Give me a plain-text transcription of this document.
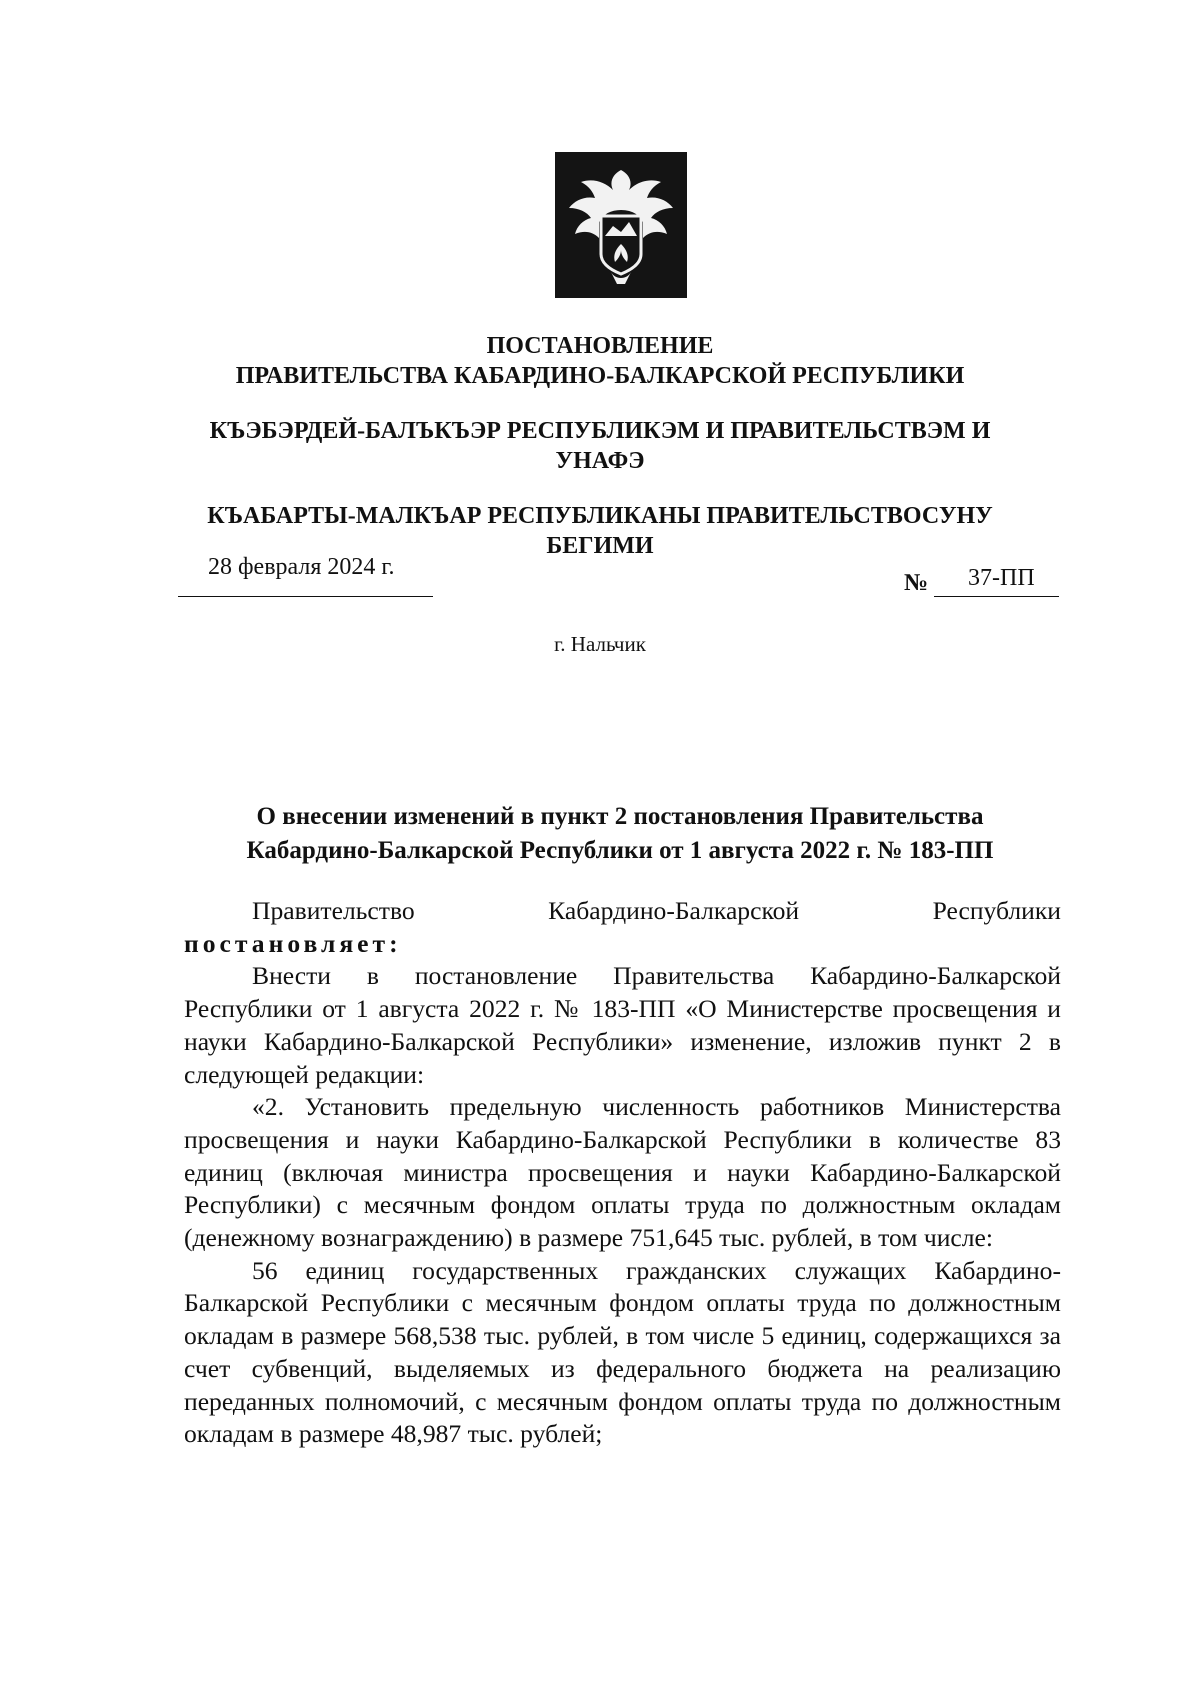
ПОСТАНОВЛЕНИЕ

ПРАВИТЕЛЬСТВА КАБАРДИНО-БАЛКАРСКОЙ РЕСПУБЛИКИ

КЪЭБЭРДЕЙ-БАЛЪКЪЭР РЕСПУБЛИКЭМ И ПРАВИТЕЛЬСТВЭМ И

УНАФЭ

КЪАБАРТЫ-МАЛКЪАР РЕСПУБЛИКАНЫ ПРАВИТЕЛЬСТВОСУНУ

БЕГИМИ

28 февраля 2024 г.
№ 37-ПП
г. Нальчик
О внесении изменений в пункт 2 постановления Правительства
Кабардино-Балкарской Республики от 1 августа 2022 г. № 183-ПП

Правительство Кабардино-Балкарской Республики

постановляет:

Внести в постановление Правительства Кабардино-Балкарской Республики от 1 августа 2022 г. № 183-ПП «О Министерстве просвещения и науки Кабардино-Балкарской Республики» изменение, изложив пункт 2 в следующей редакции:

«2. Установить предельную численность работников Министерства просвещения и науки Кабардино-Балкарской Республики в количестве 83 единиц (включая министра просвещения и науки Кабардино-Балкарской Республики) с месячным фондом оплаты труда по должностным окладам (денежному вознаграждению) в размере 751,645 тыс. рублей, в том числе:

56 единиц государственных гражданских служащих Кабардино-Балкарской Республики с месячным фондом оплаты труда по должностным окладам в размере 568,538 тыс. рублей, в том числе 5 единиц, содержащихся за счет субвенций, выделяемых из федерального бюджета на реализацию переданных полномочий, с месячным фондом оплаты труда по должностным окладам в размере 48,987 тыс. рублей;
